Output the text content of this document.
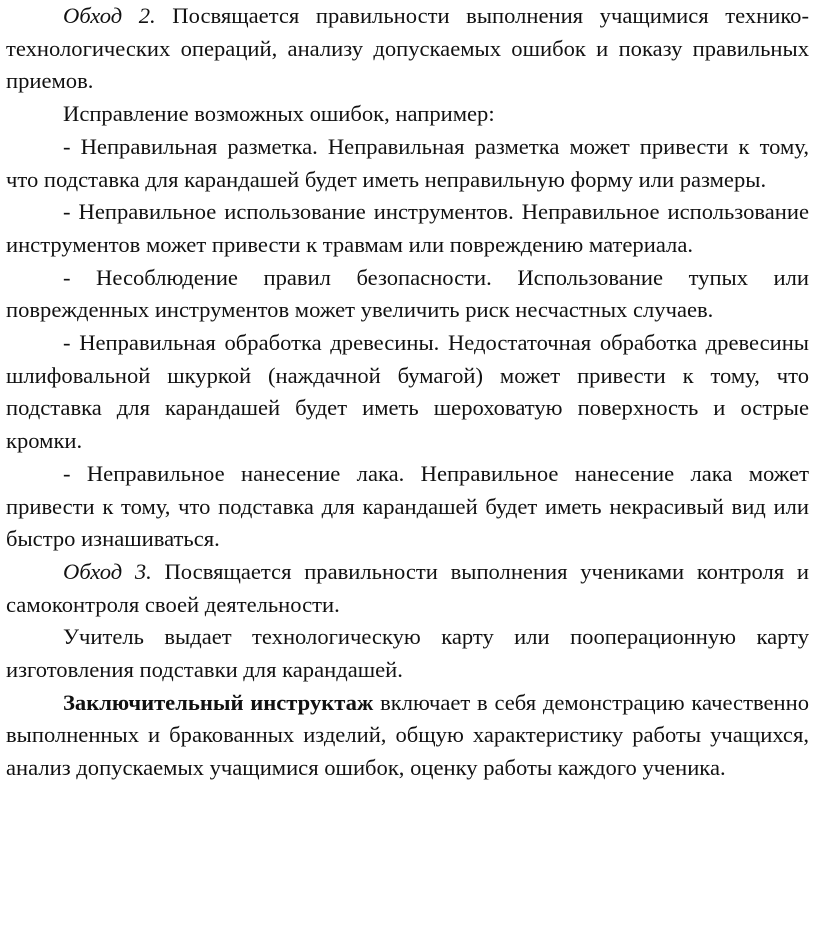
Обход 2. Посвящается правильности выполнения учащимися технико-технологических операций, анализу допускаемых ошибок и показу правильных приемов.

Исправление возможных ошибок, например:

- Неправильная разметка. Неправильная разметка может привести к тому, что подставка для карандашей будет иметь неправильную форму или размеры.

- Неправильное использование инструментов. Неправильное использование инструментов может привести к травмам или повреждению материала.

- Несоблюдение правил безопасности. Использование тупых или поврежденных инструментов может увеличить риск несчастных случаев.

- Неправильная обработка древесины. Недостаточная обработка древесины шлифовальной шкуркой (наждачной бумагой) может привести к тому, что подставка для карандашей будет иметь шероховатую поверхность и острые кромки.

- Неправильное нанесение лака. Неправильное нанесение лака может привести к тому, что подставка для карандашей будет иметь некрасивый вид или быстро изнашиваться.

Обход 3. Посвящается правильности выполнения учениками контроля и самоконтроля своей деятельности.

Учитель выдает технологическую карту или пооперационную карту изготовления подставки для карандашей.

Заключительный инструктаж включает в себя демонстрацию качественно выполненных и бракованных изделий, общую характеристику работы учащихся, анализ допускаемых учащимися ошибок, оценку работы каждого ученика.
